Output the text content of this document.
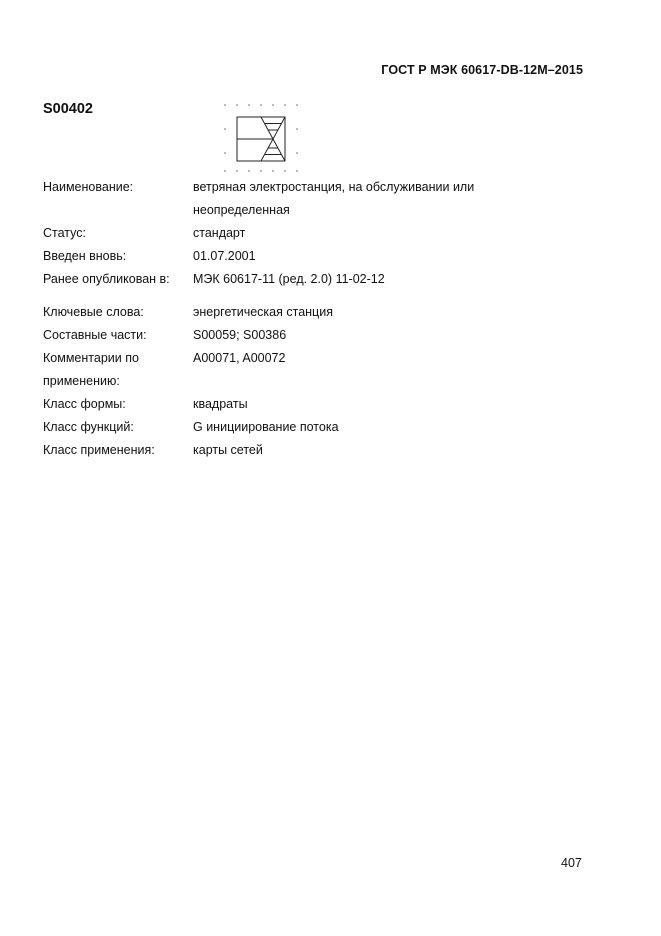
ГОСТ Р МЭК 60617-DB-12M–2015
S00402
Наименование:	ветряная электростанция, на обслуживании или
неопределенная
Статус:	стандарт
Введен вновь:	01.07.2001
Ранее опубликован в:	МЭК 60617-11 (ред. 2.0) 11-02-12
Ключевые слова:	энергетическая станция
Составные части:	S00059; S00386
Комментарии по
применению:
A00071, A00072
Класс формы:	квадраты
Класс функций:	G инициирование потока
Класс применения:	карты сетей
407
